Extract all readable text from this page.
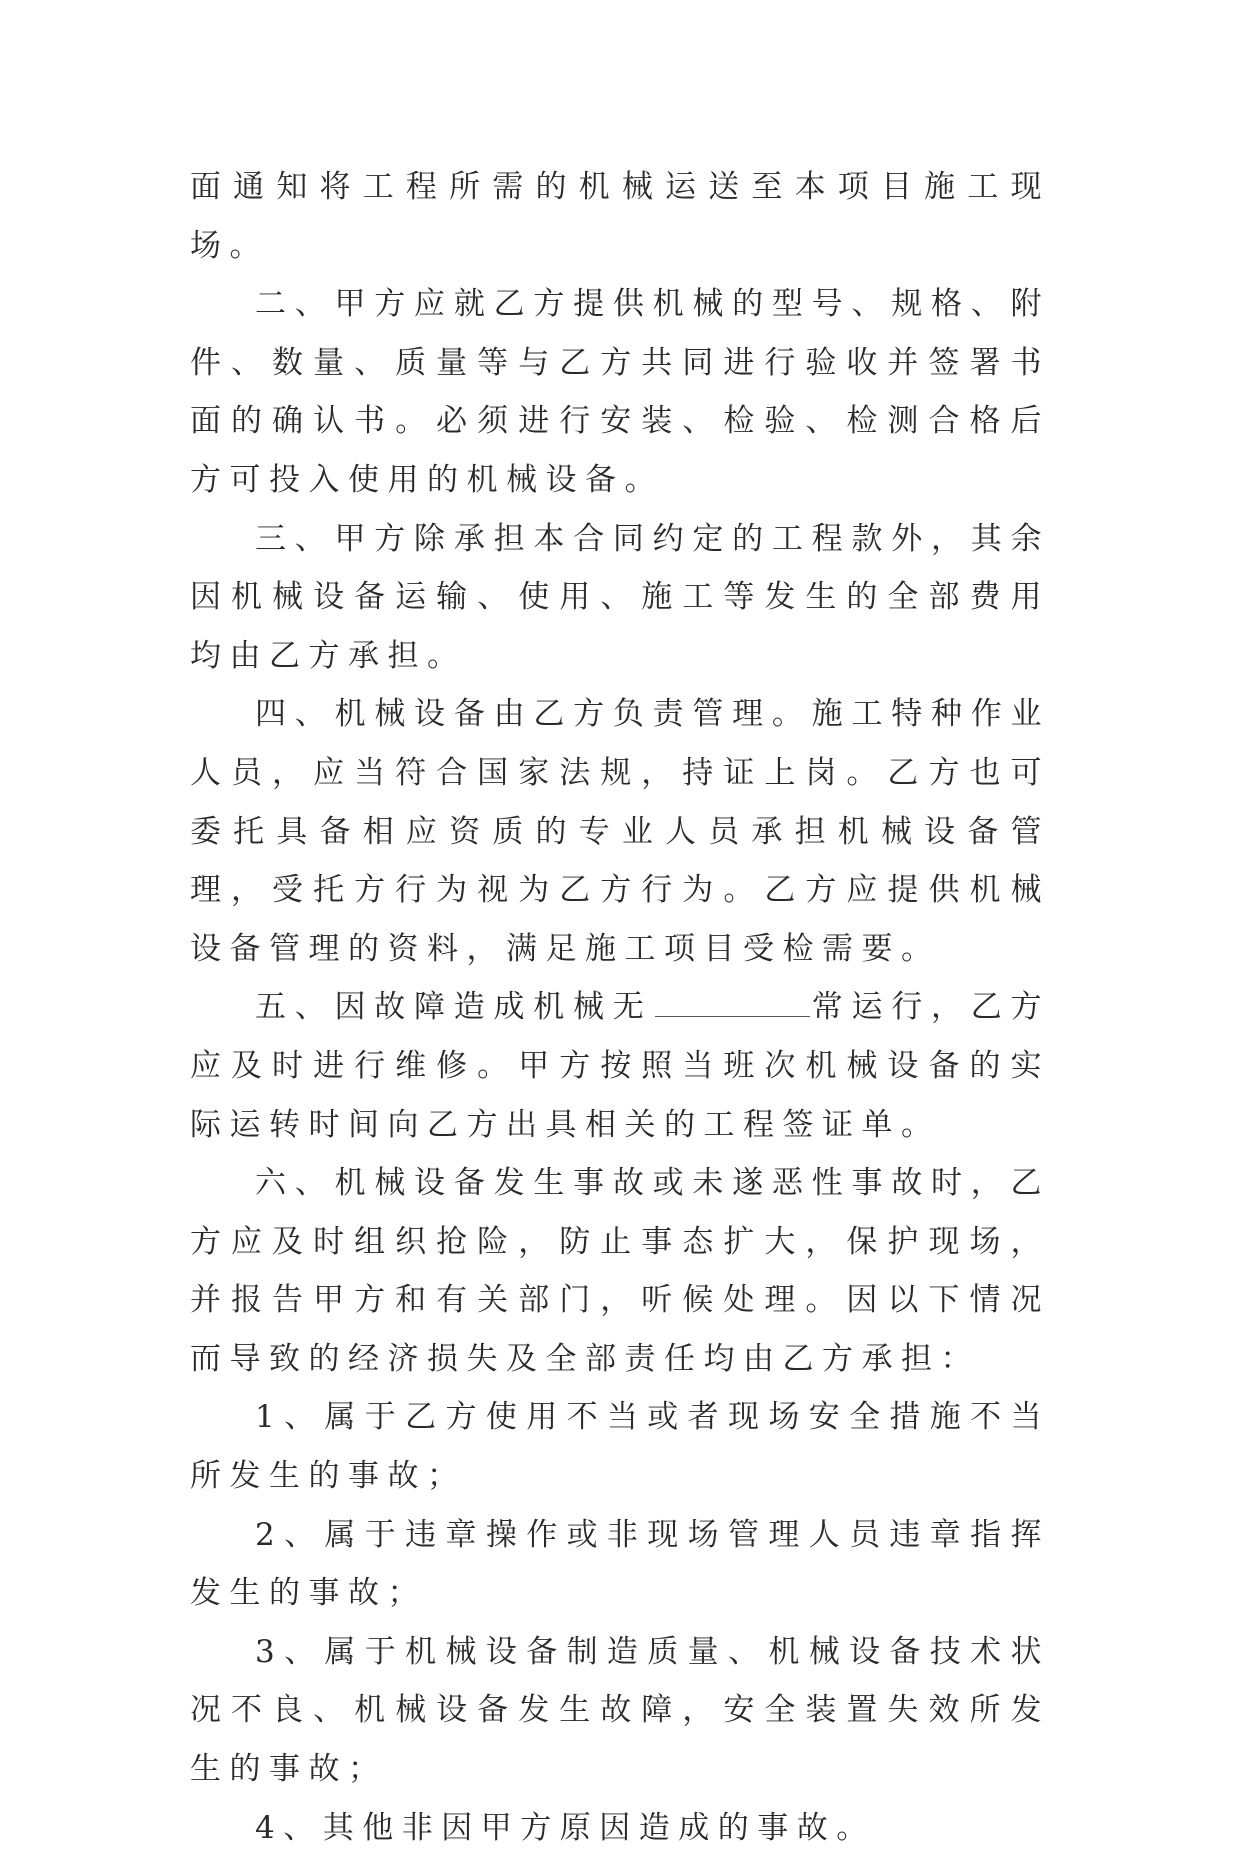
面通知将工程所需的机械运送至本项目施工现场。

二、甲方应就乙方提供机械的型号、规格、附件、数量、质量等与乙方共同进行验收并签署书面的确认书。必须进行安装、检验、检测合格后方可投入使用的机械设备。

三、甲方除承担本合同约定的工程款外，其余因机械设备运输、使用、施工等发生的全部费用均由乙方承担。

四、机械设备由乙方负责管理。施工特种作业人员，应当符合国家法规，持证上岗。乙方也可委托具备相应资质的专业人员承担机械设备管理，受托方行为视为乙方行为。乙方应提供机械设备管理的资料，满足施工项目受检需要。

五、因故障造成机械无	常运行，乙方应及时进行维修。甲方按照当班次机械设备的实际运转时间向乙方出具相关的工程签证单。

六、机械设备发生事故或未遂恶性事故时，乙方应及时组织抢险，防止事态扩大，保护现场，并报告甲方和有关部门，听候处理。因以下情况而导致的经济损失及全部责任均由乙方承担：

1、属于乙方使用不当或者现场安全措施不当所发生的事故；

2、属于违章操作或非现场管理人员违章指挥发生的事故；

3、属于机械设备制造质量、机械设备技术状况不良、机械设备发生故障，安全装置失效所发生的事故；

4、其他非因甲方原因造成的事故。
